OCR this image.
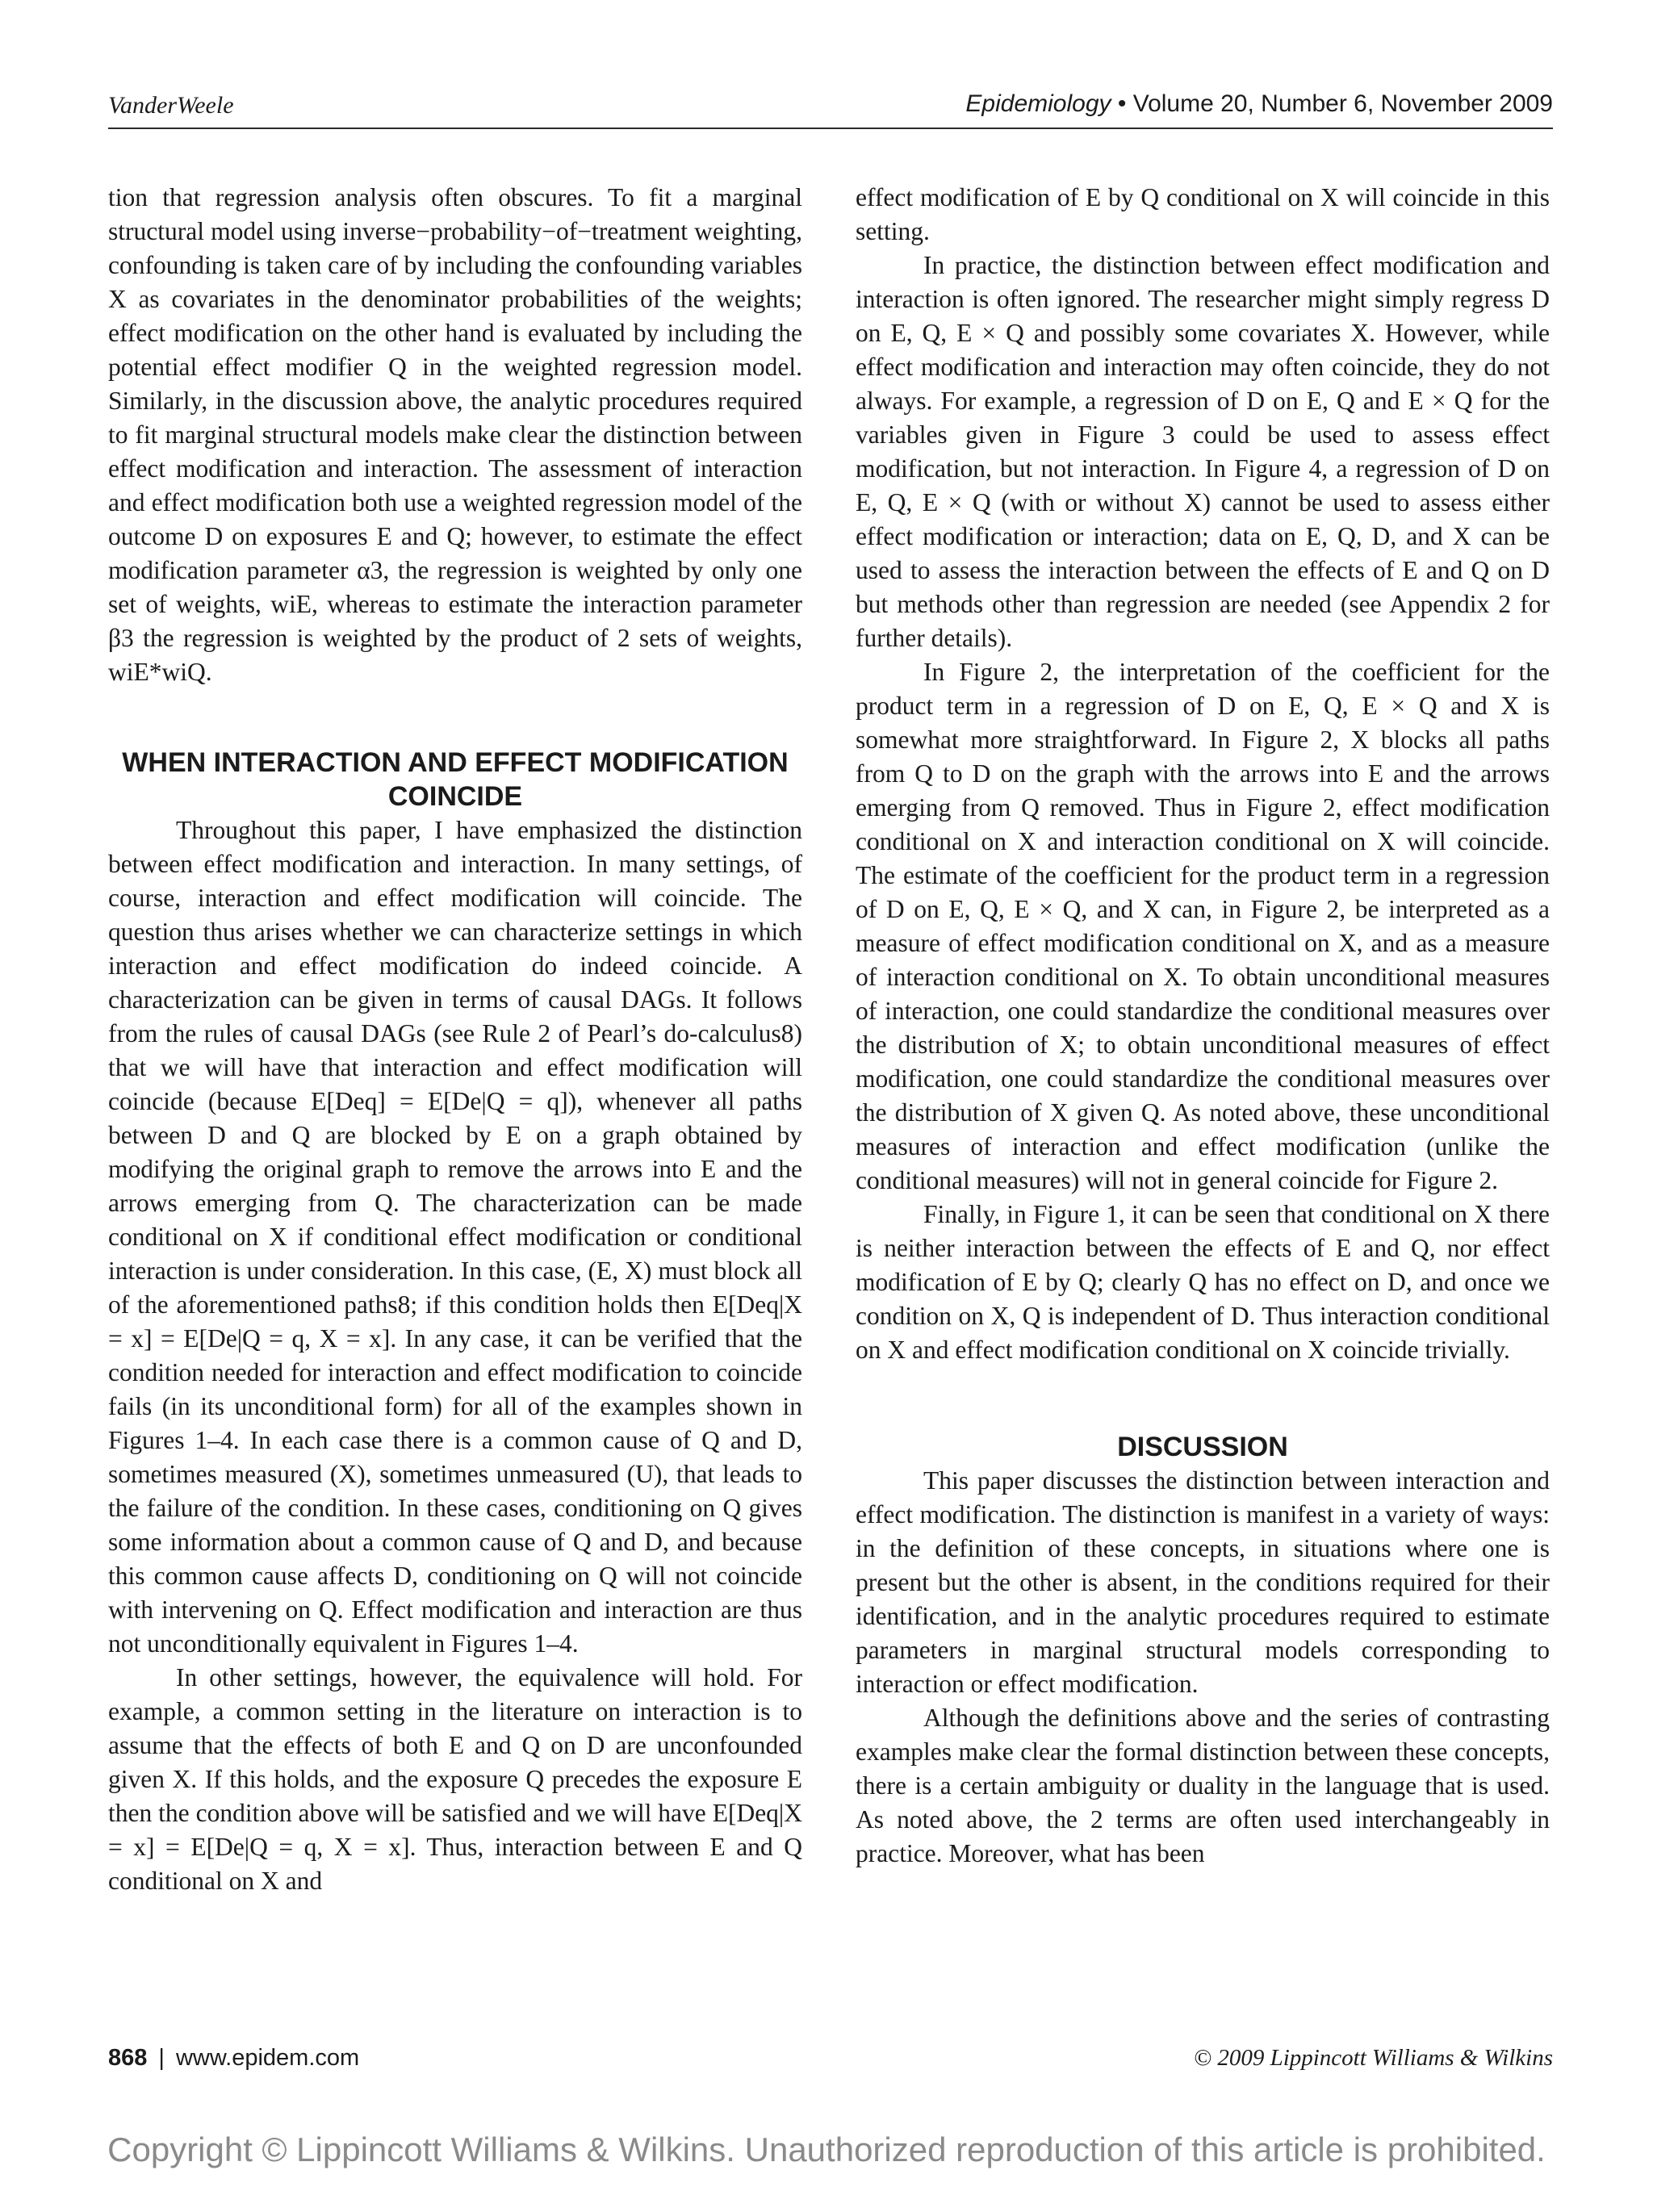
VanderWeele	Epidemiology • Volume 20, Number 6, November 2009

tion that regression analysis often obscures. To fit a marginal structural model using inverse−probability−of−treatment weighting, confounding is taken care of by including the confounding variables X as covariates in the denominator probabilities of the weights; effect modification on the other hand is evaluated by including the potential effect modifier Q in the weighted regression model. Similarly, in the discussion above, the analytic procedures required to fit marginal structural models make clear the distinction between effect modification and interaction. The assessment of interaction and effect modification both use a weighted regression model of the outcome D on exposures E and Q; however, to estimate the effect modification parameter α3, the regression is weighted by only one set of weights, wiE, whereas to estimate the interaction parameter β3 the regression is weighted by the product of 2 sets of weights, wiE*wiQ.

WHEN INTERACTION AND EFFECT MODIFICATION COINCIDE

Throughout this paper, I have emphasized the distinction between effect modification and interaction. In many settings, of course, interaction and effect modification will coincide. The question thus arises whether we can characterize settings in which interaction and effect modification do indeed coincide. A characterization can be given in terms of causal DAGs. It follows from the rules of causal DAGs (see Rule 2 of Pearl’s do-calculus8) that we will have that interaction and effect modification will coincide (because E[Deq] = E[De|Q = q]), whenever all paths between D and Q are blocked by E on a graph obtained by modifying the original graph to remove the arrows into E and the arrows emerging from Q. The characterization can be made conditional on X if conditional effect modification or conditional interaction is under consideration. In this case, (E, X) must block all of the aforementioned paths8; if this condition holds then E[Deq|X = x] = E[De|Q = q, X = x]. In any case, it can be verified that the condition needed for interaction and effect modification to coincide fails (in its unconditional form) for all of the examples shown in Figures 1–4. In each case there is a common cause of Q and D, sometimes measured (X), sometimes unmeasured (U), that leads to the failure of the condition. In these cases, conditioning on Q gives some information about a common cause of Q and D, and because this common cause affects D, conditioning on Q will not coincide with intervening on Q. Effect modification and interaction are thus not unconditionally equivalent in Figures 1–4.

In other settings, however, the equivalence will hold. For example, a common setting in the literature on interaction is to assume that the effects of both E and Q on D are unconfounded given X. If this holds, and the exposure Q precedes the exposure E then the condition above will be satisfied and we will have E[Deq|X = x] = E[De|Q = q, X = x]. Thus, interaction between E and Q conditional on X and

effect modification of E by Q conditional on X will coincide in this setting.

In practice, the distinction between effect modification and interaction is often ignored. The researcher might simply regress D on E, Q, E × Q and possibly some covariates X. However, while effect modification and interaction may often coincide, they do not always. For example, a regression of D on E, Q and E × Q for the variables given in Figure 3 could be used to assess effect modification, but not interaction. In Figure 4, a regression of D on E, Q, E × Q (with or without X) cannot be used to assess either effect modification or interaction; data on E, Q, D, and X can be used to assess the interaction between the effects of E and Q on D but methods other than regression are needed (see Appendix 2 for further details).

In Figure 2, the interpretation of the coefficient for the product term in a regression of D on E, Q, E × Q and X is somewhat more straightforward. In Figure 2, X blocks all paths from Q to D on the graph with the arrows into E and the arrows emerging from Q removed. Thus in Figure 2, effect modification conditional on X and interaction conditional on X will coincide. The estimate of the coefficient for the product term in a regression of D on E, Q, E × Q, and X can, in Figure 2, be interpreted as a measure of effect modification conditional on X, and as a measure of interaction conditional on X. To obtain unconditional measures of interaction, one could standardize the conditional measures over the distribution of X; to obtain unconditional measures of effect modification, one could standardize the conditional measures over the distribution of X given Q. As noted above, these unconditional measures of interaction and effect modification (unlike the conditional measures) will not in general coincide for Figure 2.

Finally, in Figure 1, it can be seen that conditional on X there is neither interaction between the effects of E and Q, nor effect modification of E by Q; clearly Q has no effect on D, and once we condition on X, Q is independent of D. Thus interaction conditional on X and effect modification conditional on X coincide trivially.

DISCUSSION

This paper discusses the distinction between interaction and effect modification. The distinction is manifest in a variety of ways: in the definition of these concepts, in situations where one is present but the other is absent, in the conditions required for their identification, and in the analytic procedures required to estimate parameters in marginal structural models corresponding to interaction or effect modification.

Although the definitions above and the series of contrasting examples make clear the formal distinction between these concepts, there is a certain ambiguity or duality in the language that is used. As noted above, the 2 terms are often used interchangeably in practice. Moreover, what has been

868 | www.epidem.com	© 2009 Lippincott Williams & Wilkins
Copyright © Lippincott Williams & Wilkins. Unauthorized reproduction of this article is prohibited.
